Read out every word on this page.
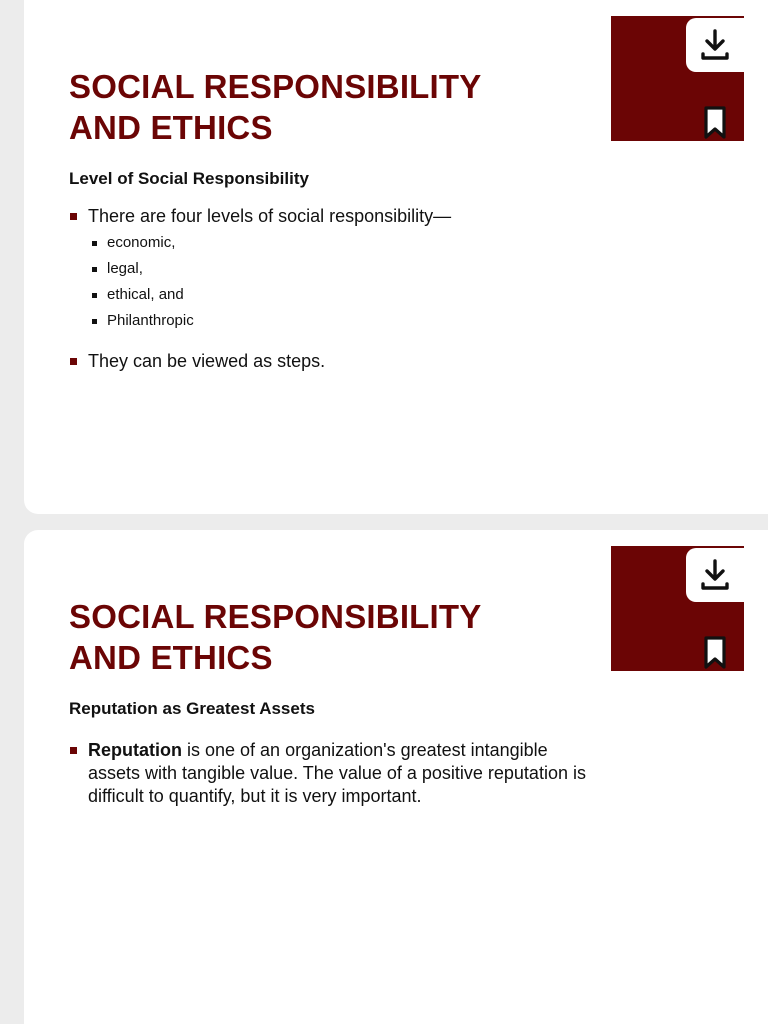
SOCIAL RESPONSIBILITY
AND ETHICS
Level of Social Responsibility
There are four levels of social responsibility—
economic,
legal,
ethical, and
Philanthropic
They can be viewed as steps.
SOCIAL RESPONSIBILITY
AND ETHICS
Reputation as Greatest Assets
Reputation is one of an organization's greatest intangible assets with tangible value. The value of a positive reputation is difficult to quantify, but it is very important.
